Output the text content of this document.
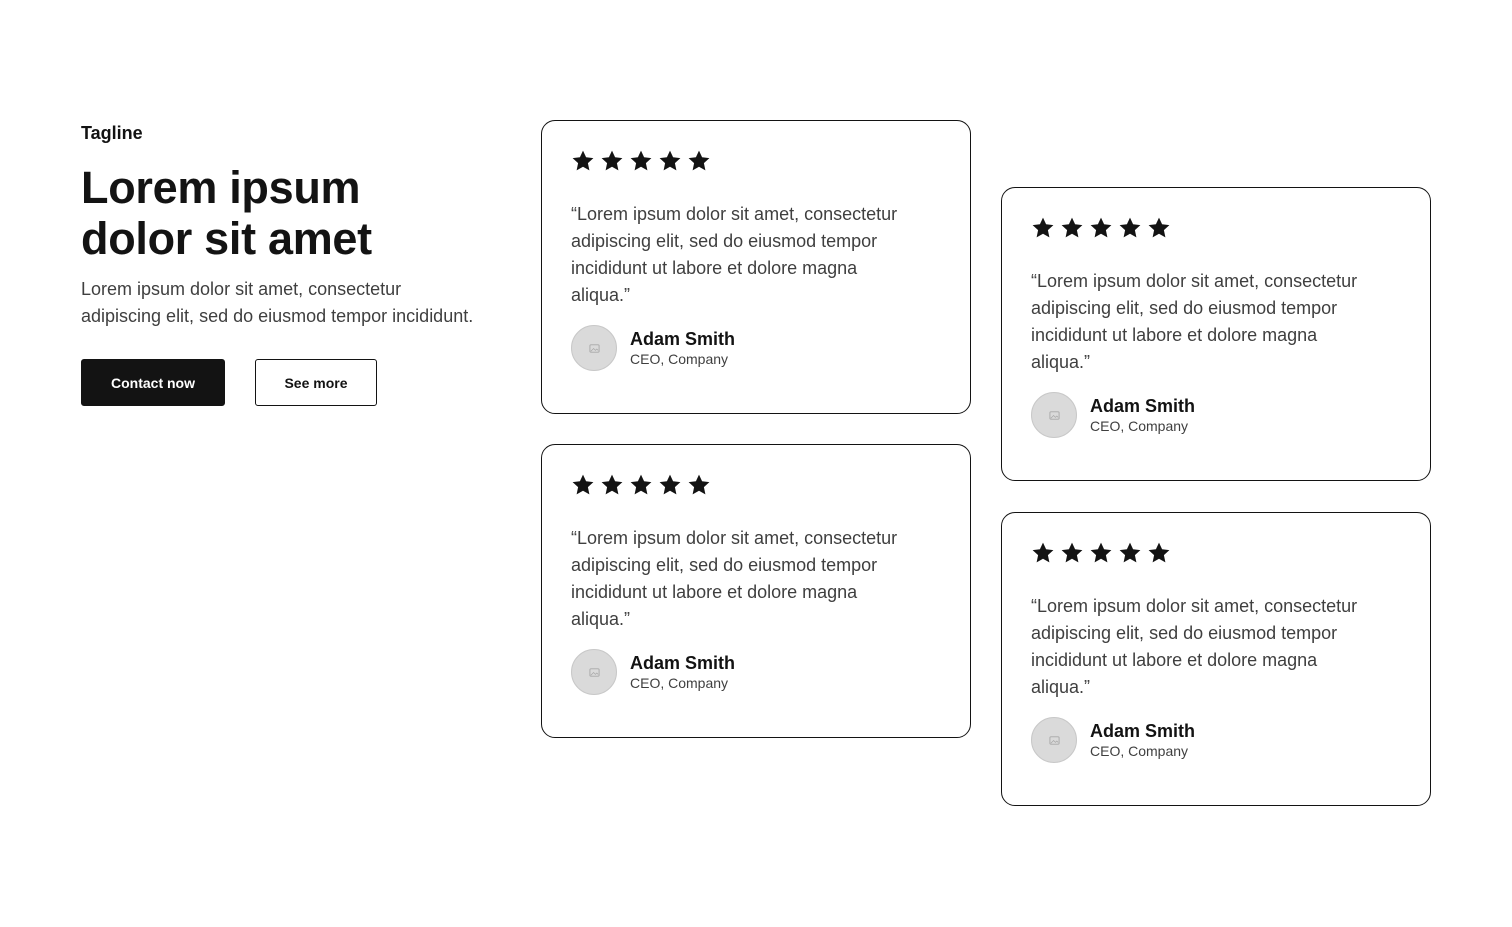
Tagline

Lorem ipsum
dolor sit amet

Lorem ipsum dolor sit amet, consectetur
adipiscing elit, sed do eiusmod tempor incididunt.

Contact now	See more

“Lorem ipsum dolor sit amet, consectetur
adipiscing elit, sed do eiusmod tempor
incididunt ut labore et dolore magna
aliqua.”

Adam Smith
CEO, Company

“Lorem ipsum dolor sit amet, consectetur
adipiscing elit, sed do eiusmod tempor
incididunt ut labore et dolore magna
aliqua.”

Adam Smith
CEO, Company

“Lorem ipsum dolor sit amet, consectetur
adipiscing elit, sed do eiusmod tempor
incididunt ut labore et dolore magna
aliqua.”

Adam Smith
CEO, Company

“Lorem ipsum dolor sit amet, consectetur
adipiscing elit, sed do eiusmod tempor
incididunt ut labore et dolore magna
aliqua.”

Adam Smith
CEO, Company
